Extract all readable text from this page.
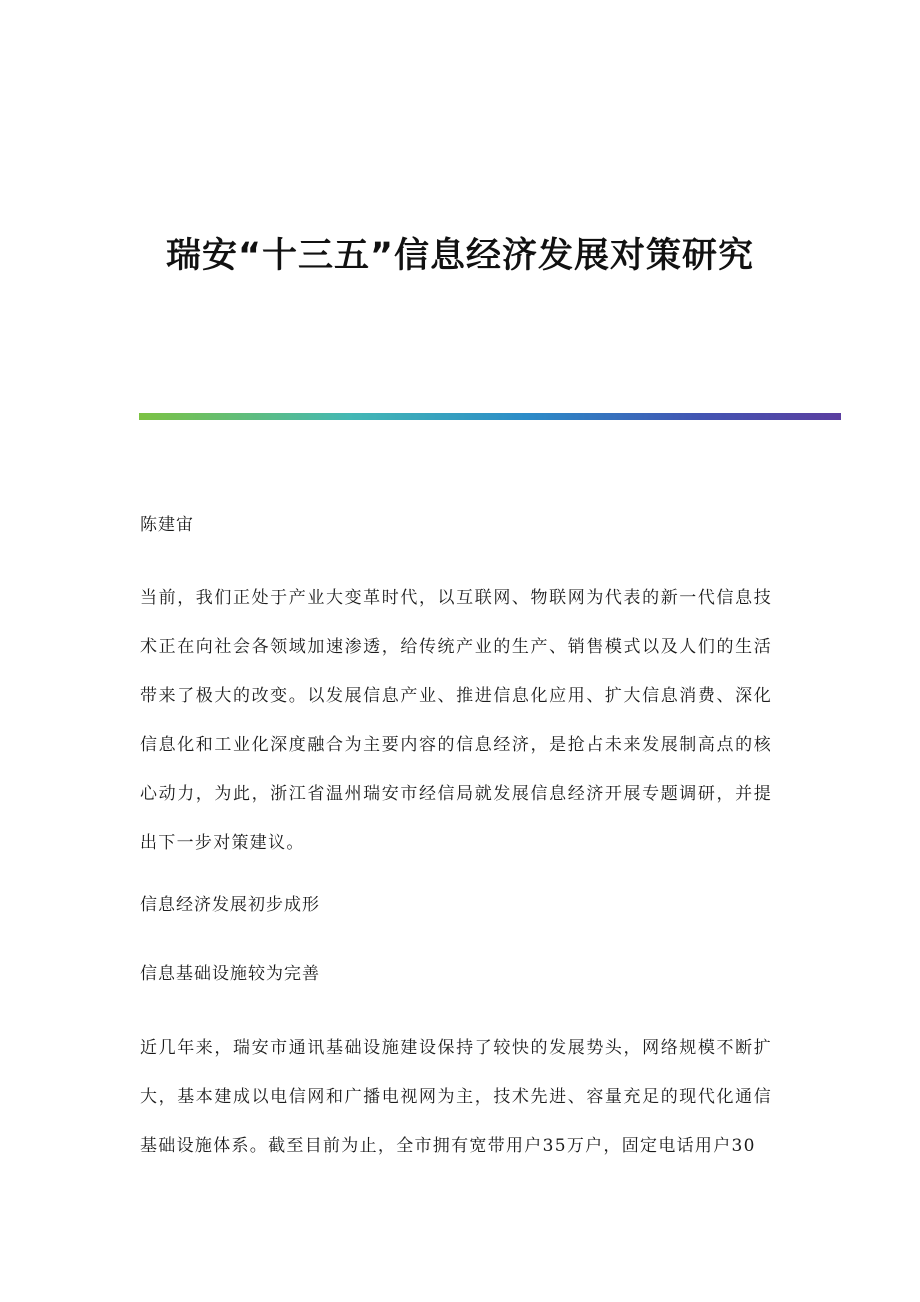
瑞安“十三五”信息经济发展对策研究
陈建宙

当前，我们正处于产业大变革时代，以互联网、物联网为代表的新一代信息技术正在向社会各领域加速渗透，给传统产业的生产、销售模式以及人们的生活带来了极大的改变。以发展信息产业、推进信息化应用、扩大信息消费、深化信息化和工业化深度融合为主要内容的信息经济，是抢占未来发展制高点的核心动力，为此，浙江省温州瑞安市经信局就发展信息经济开展专题调研，并提出下一步对策建议。

信息经济发展初步成形
信息基础设施较为完善

近几年来，瑞安市通讯基础设施建设保持了较快的发展势头，网络规模不断扩大，基本建成以电信网和广播电视网为主，技术先进、容量充足的现代化通信基础设施体系。截至目前为止，全市拥有宽带用户35万户，固定电话用户30
